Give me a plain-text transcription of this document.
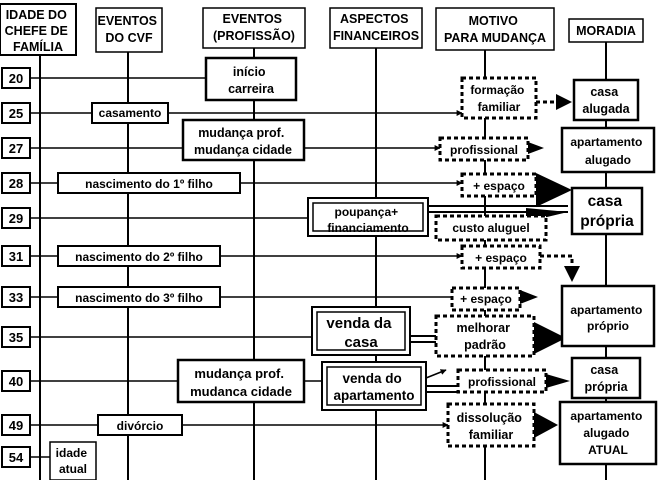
IDADE DO CHEFE DE FAMÍLIA
EVENTOS DO CVF
EVENTOS (PROFISSÃO)
ASPECTOS FINANCEIROS
MOTIVO PARA MUDANÇA MORADIA
20
25
27
28
29
31
33
35
40
49
54
casamento
nascimento do 1º filho
nascimento do 2º filho
nascimento do 3º filho
divórcio
idade atual
início carreira
mudança prof. mudança cidade
mudança prof. mudanca cidade
poupança+ financiamento
venda da casa
venda do apartamento
formação familiar
profissional
+ espaço
custo aluguel
+ espaço
+ espaço
melhorar padrão
profissional
dissolução familiar
casa alugada
apartamento alugado
casa própria
apartamento próprio
casa própria
apartamento alugado ATUAL
